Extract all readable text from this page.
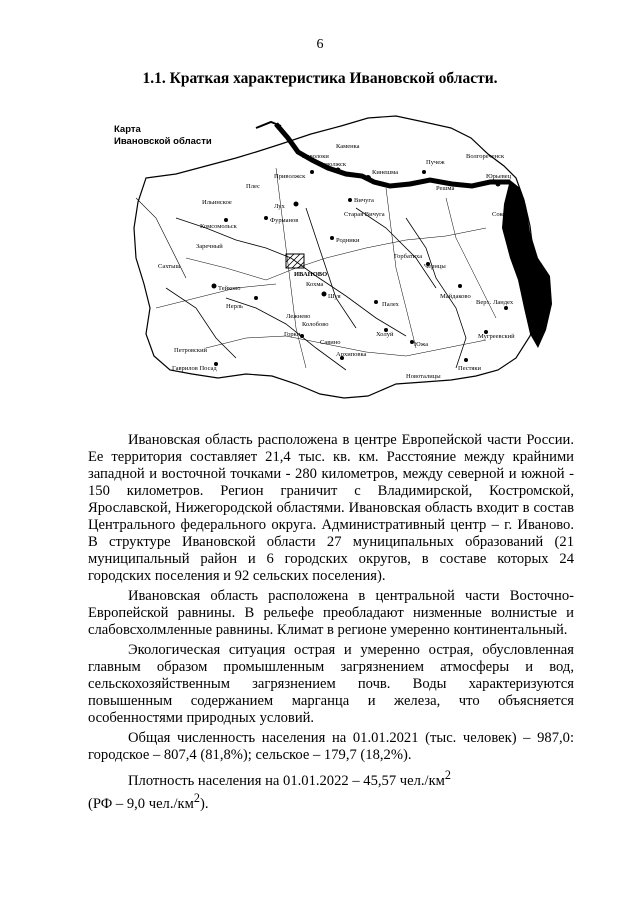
6
1.1. Краткая характеристика Ивановской области.
Карта
Ивановской области
ИВАНОВО
Кинешма
Заволжск
Наволоки
Вичуга
Родники
Пучеж
Юрьевец
Шуя
Тейково
Кохма
Палех
Южа
Гаврилов Посад	Пестяки
Лух
Фурманов
Приволжск
Плес
Комсомольск
Ильинское
Лежнево
Савино
Холуй
Верх. Ландех
Новоталицы
Чернцы
Мугреевский
Петровский
Каменка
Волгореченск
Решма
Майдаково
Сокольское
Старая Вичуга
Колобово
Нерль
Сахтыш
Архиповка
Горки
Заречный
Горбатиха

Ивановская область расположена в центре Европейской части России. Ее территория составляет 21,4 тыс. кв. км. Расстояние между крайними западной и восточной точками - 280 километров, между северной и южной - 150 километров. Регион граничит с Владимирской, Костромской, Ярославской, Нижегородской областями. Ивановская область входит в состав Центрального федерального округа. Административный центр – г. Иваново. В структуре Ивановской области 27 муниципальных образований (21 муниципальный район и 6 городских округов, в составе которых 24 городских поселения и 92 сельских поселения).

Ивановская область расположена в центральной части Восточно-Европейской равнины. В рельефе преобладают низменные волнистые и слабовсхолмленные равнины. Климат в регионе умеренно континентальный.

Экологическая ситуация острая и умеренно острая, обусловленная главным образом промышленным загрязнением атмосферы и вод, сельскохозяйственным загрязнением почв. Воды характеризуются повышенным содержанием марганца и железа, что объясняется особенностями природных условий.

Общая численность населения на 01.01.2021 (тыс. человек) – 987,0: городское – 807,4 (81,8%); сельское – 179,7 (18,2%).

Плотность населения на 01.01.2022 – 45,57 $чел./км^2$
(РФ – 9,0 $чел./км^2$).
